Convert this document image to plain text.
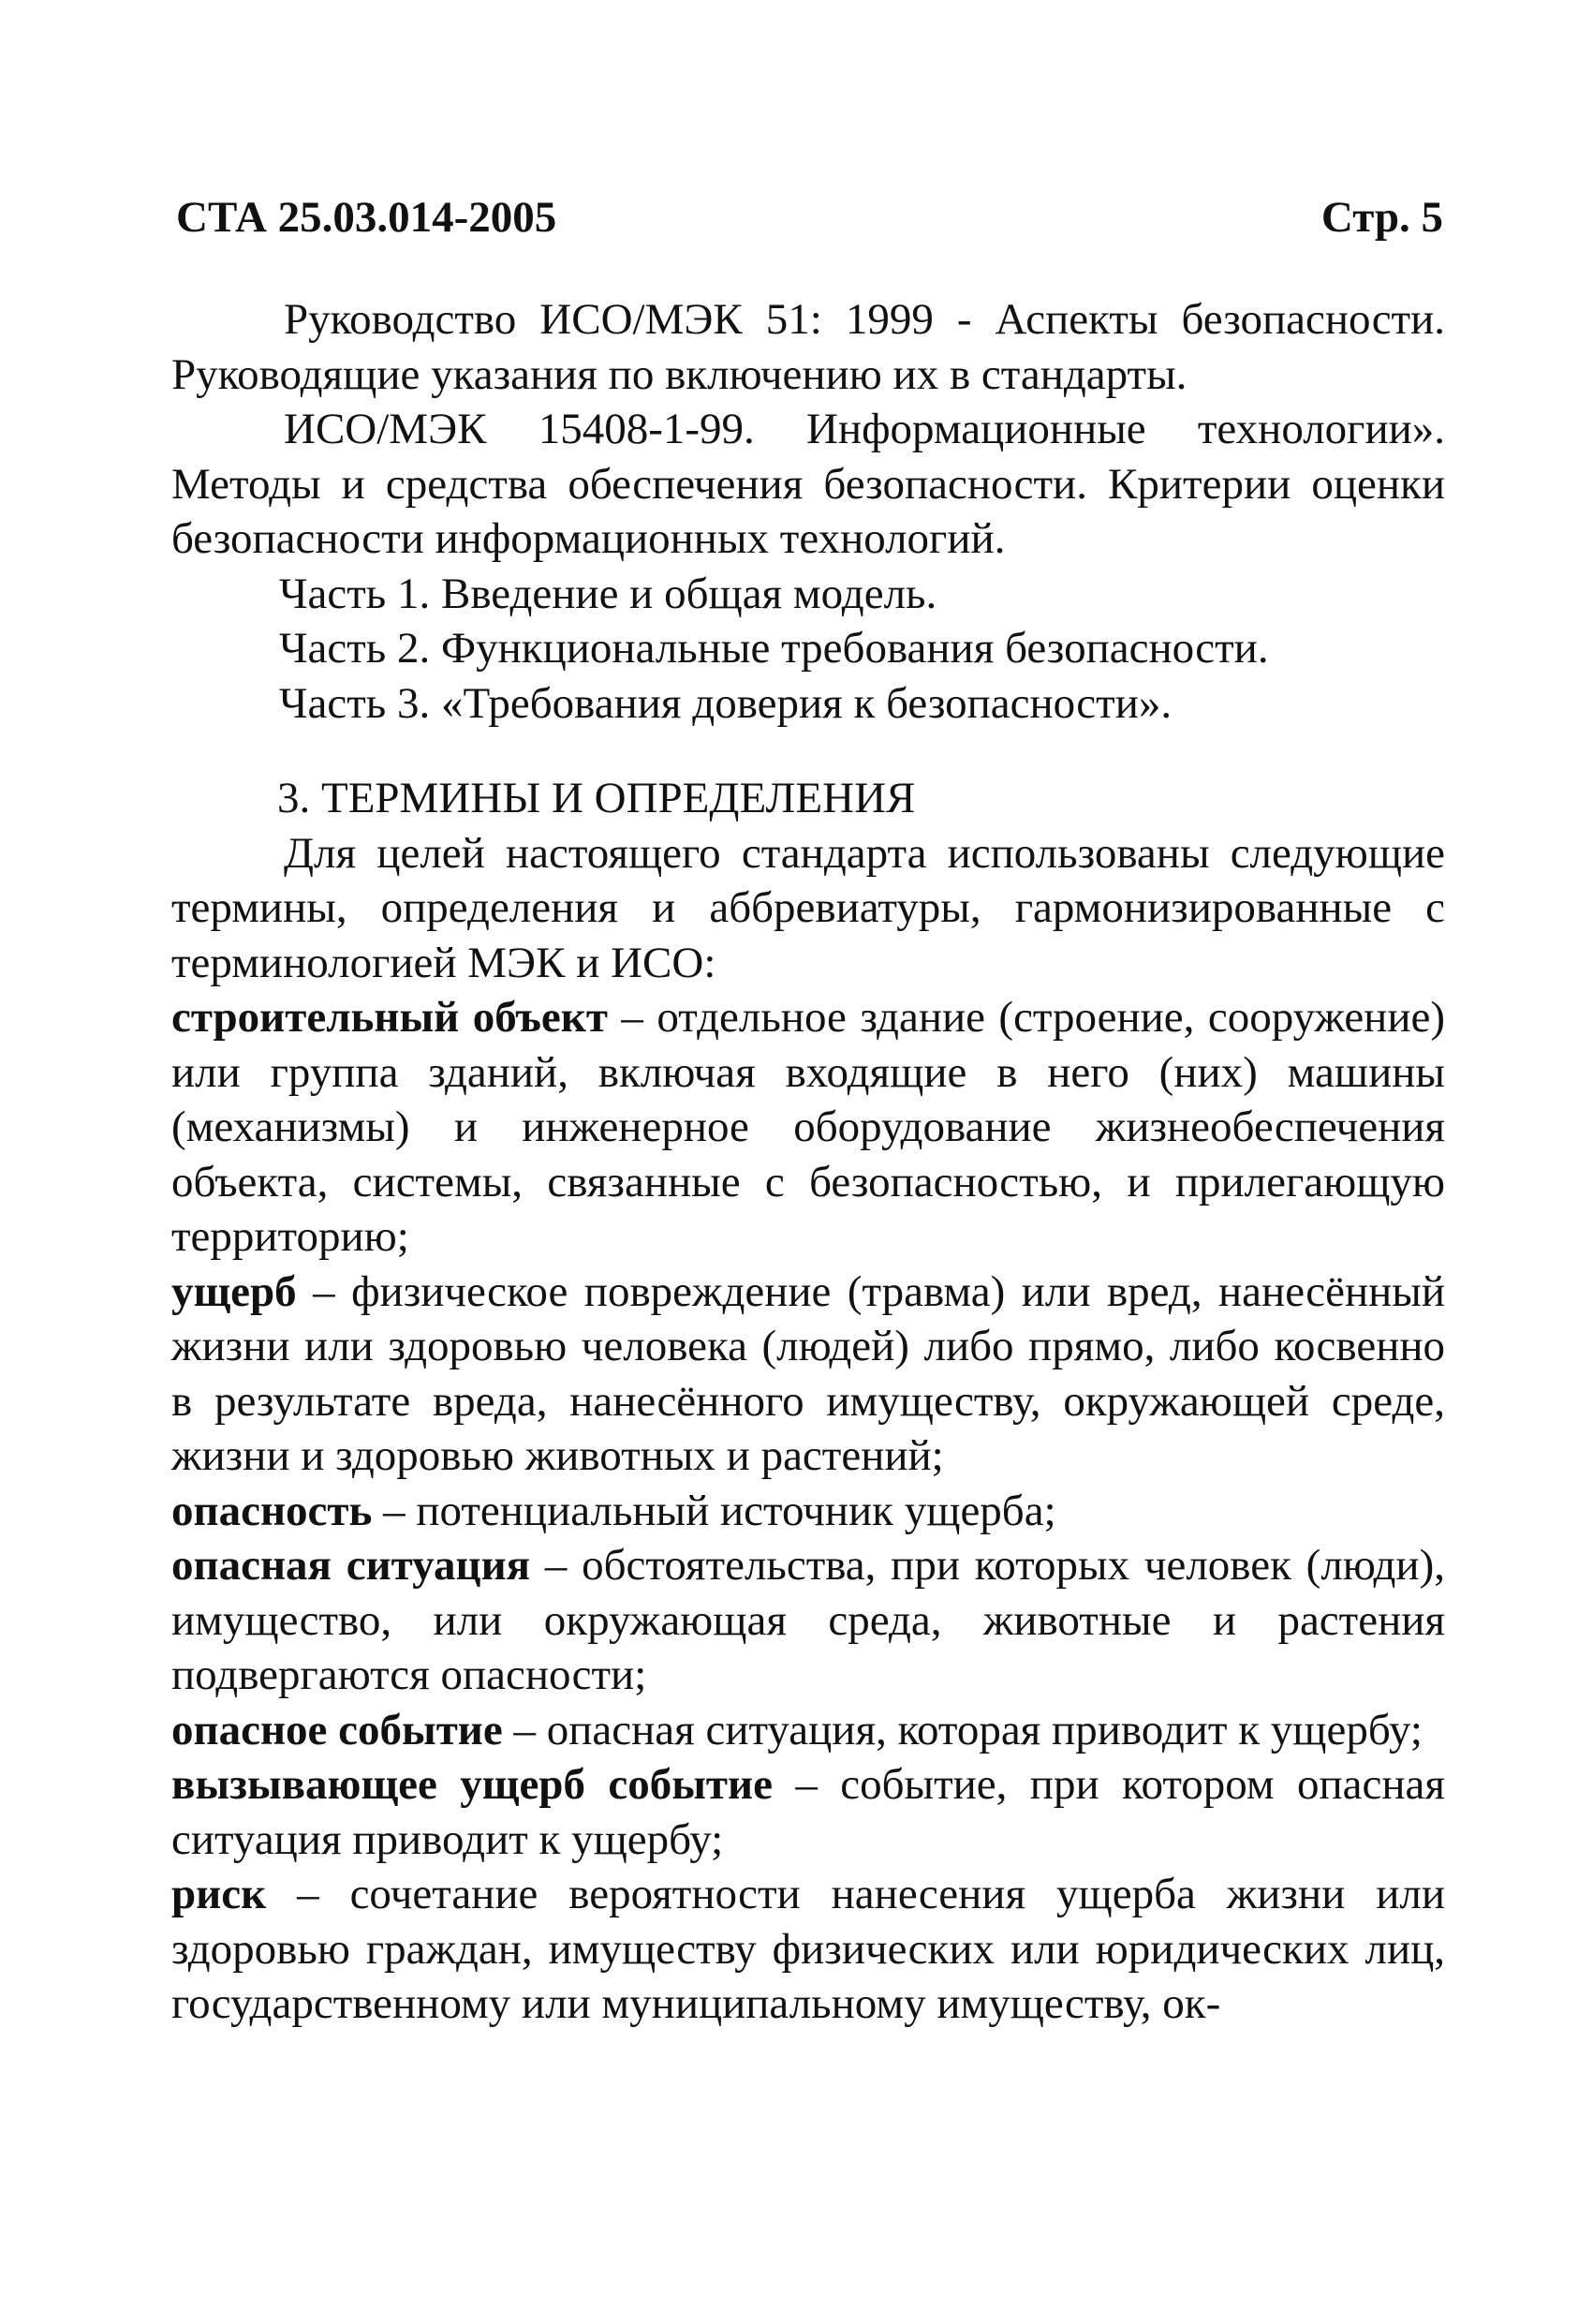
СТА 25.03.014-2005	Стр. 5
Руководство ИСО/МЭК 51: 1999 - Аспекты безопасности. Руководящие указания по включению их в стандарты.
ИСО/МЭК 15408-1-99. Информационные технологии». Методы и средства обеспечения безопасности. Критерии оценки безопасности информационных технологий.
Часть 1. Введение и общая модель.
Часть 2. Функциональные требования безопасности.
Часть 3. «Требования доверия к безопасности».
3. ТЕРМИНЫ И ОПРЕДЕЛЕНИЯ
Для целей настоящего стандарта использованы следующие термины, определения и аббревиатуры, гармонизированные с терминологией МЭК и ИСО:
строительный объект – отдельное здание (строение, сооружение) или группа зданий, включая входящие в него (них) машины (механизмы) и инженерное оборудование жизнеобеспечения объекта, системы, связанные с безопасностью, и прилегающую территорию;
ущерб – физическое повреждение (травма) или вред, нанесённый жизни или здоровью человека (людей) либо прямо, либо косвенно в результате вреда, нанесённого имуществу, окружающей среде, жизни и здоровью животных и растений;
опасность – потенциальный источник ущерба;
опасная ситуация – обстоятельства, при которых человек (люди), имущество, или окружающая среда, животные и растения подвергаются опасности;
опасное событие – опасная ситуация, которая приводит к ущербу;
вызывающее ущерб событие – событие, при котором опасная ситуация приводит к ущербу;
риск – сочетание вероятности нанесения ущерба жизни или здоровью граждан, имуществу физических или юридических лиц, государственному или муниципальному имуществу, ок-
